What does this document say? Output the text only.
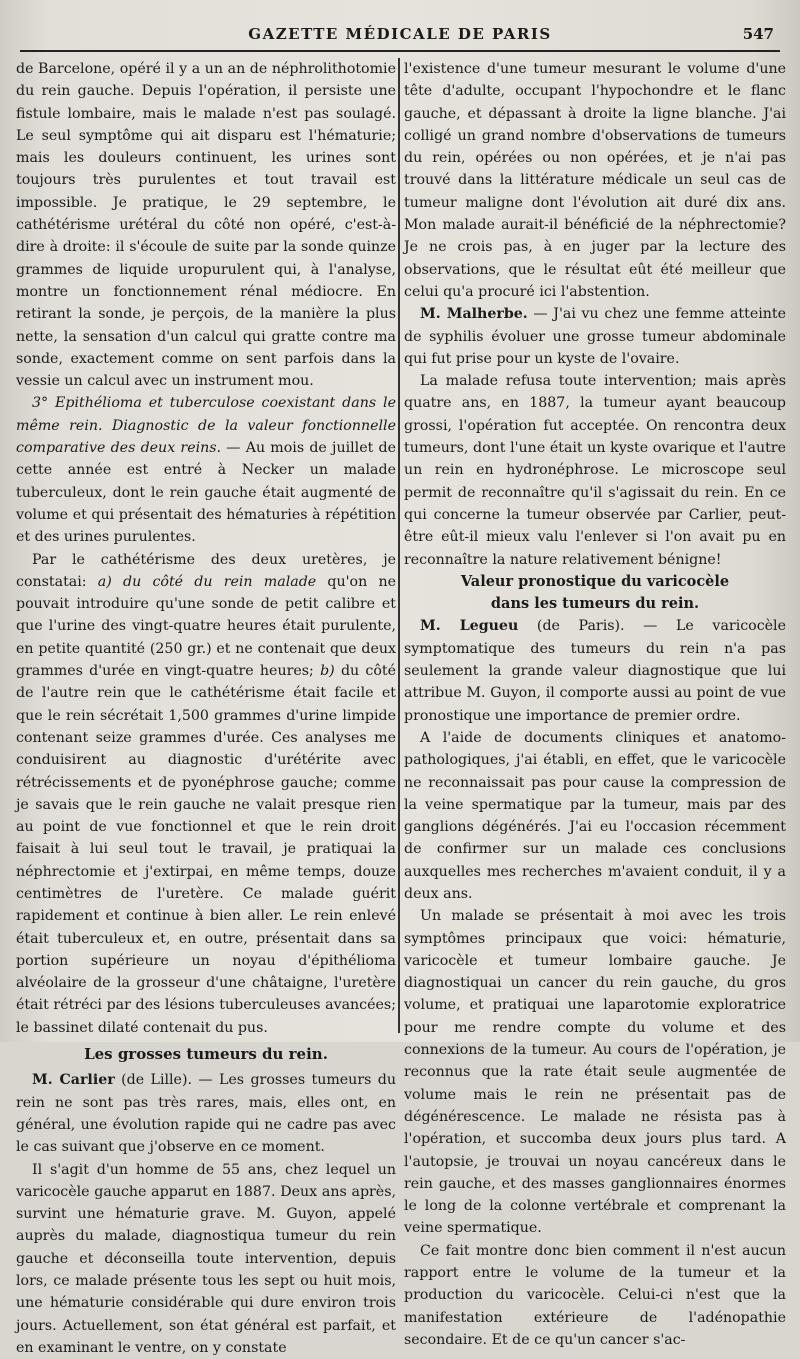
GAZETTE MÉDICALE DE PARIS	547

de Barcelone, opéré il y a un an de néphrolithotomie du rein gauche. Depuis l'opération, il persiste une fistule lombaire, mais le malade n'est pas soulagé. Le seul symptôme qui ait disparu est l'hématurie; mais les douleurs continuent, les urines sont toujours très purulentes et tout travail est impossible. Je pratique, le 29 septembre, le cathétérisme urétéral du côté non opéré, c'est-à-dire à droite: il s'écoule de suite par la sonde quinze grammes de liquide uropurulent qui, à l'analyse, montre un fonctionnement rénal médiocre. En retirant la sonde, je perçois, de la manière la plus nette, la sensation d'un calcul qui gratte contre ma sonde, exactement comme on sent parfois dans la vessie un calcul avec un instrument mou.

3° Epithélioma et tuberculose coexistant dans le même rein. Diagnostic de la valeur fonctionnelle comparative des deux reins. — Au mois de juillet de cette année est entré à Necker un malade tuberculeux, dont le rein gauche était augmenté de volume et qui présentait des hématuries à répétition et des urines purulentes.

Par le cathétérisme des deux uretères, je constatai: a) du côté du rein malade qu'on ne pouvait introduire qu'une sonde de petit calibre et que l'urine des vingt-quatre heures était purulente, en petite quantité (250 gr.) et ne contenait que deux grammes d'urée en vingt-quatre heures; b) du côté de l'autre rein que le cathétérisme était facile et que le rein sécrétait 1,500 grammes d'urine limpide contenant seize grammes d'urée. Ces analyses me conduisirent au diagnostic d'urétérite avec rétrécissements et de pyonéphrose gauche; comme je savais que le rein gauche ne valait presque rien au point de vue fonctionnel et que le rein droit faisait à lui seul tout le travail, je pratiquai la néphrectomie et j'extirpai, en même temps, douze centimètres de l'uretère. Ce malade guérit rapidement et continue à bien aller. Le rein enlevé était tuberculeux et, en outre, présentait dans sa portion supérieure un noyau d'épithélioma alvéolaire de la grosseur d'une châtaigne, l'uretère était rétréci par des lésions tuberculeuses avancées; le bassinet dilaté contenait du pus.

Les grosses tumeurs du rein.

M. Carlier (de Lille). — Les grosses tumeurs du rein ne sont pas très rares, mais, elles ont, en général, une évolution rapide qui ne cadre pas avec le cas suivant que j'observe en ce moment.

Il s'agit d'un homme de 55 ans, chez lequel un varicocèle gauche apparut en 1887. Deux ans après, survint une hématurie grave. M. Guyon, appelé auprès du malade, diagnostiqua tumeur du rein gauche et déconseilla toute intervention, depuis lors, ce malade présente tous les sept ou huit mois, une hématurie considérable qui dure environ trois jours. Actuellement, son état général est parfait, et en examinant le ventre, on y constate

l'existence d'une tumeur mesurant le volume d'une tête d'adulte, occupant l'hypochondre et le flanc gauche, et dépassant à droite la ligne blanche. J'ai colligé un grand nombre d'observations de tumeurs du rein, opérées ou non opérées, et je n'ai pas trouvé dans la littérature médicale un seul cas de tumeur maligne dont l'évolution ait duré dix ans. Mon malade aurait-il bénéficié de la néphrectomie? Je ne crois pas, à en juger par la lecture des observations, que le résultat eût été meilleur que celui qu'a procuré ici l'abstention.

M. Malherbe. — J'ai vu chez une femme atteinte de syphilis évoluer une grosse tumeur abdominale qui fut prise pour un kyste de l'ovaire.

La malade refusa toute intervention; mais après quatre ans, en 1887, la tumeur ayant beaucoup grossi, l'opération fut acceptée. On rencontra deux tumeurs, dont l'une était un kyste ovarique et l'autre un rein en hydronéphrose. Le microscope seul permit de reconnaître qu'il s'agissait du rein. En ce qui concerne la tumeur observée par Carlier, peut-être eût-il mieux valu l'enlever si l'on avait pu en reconnaître la nature relativement bénigne!

Valeur pronostique du varicocèle

dans les tumeurs du rein.

M. Legueu (de Paris). — Le varicocèle symptomatique des tumeurs du rein n'a pas seulement la grande valeur diagnostique que lui attribue M. Guyon, il comporte aussi au point de vue pronostique une importance de premier ordre.

A l'aide de documents cliniques et anatomo-pathologiques, j'ai établi, en effet, que le varicocèle ne reconnaissait pas pour cause la compression de la veine spermatique par la tumeur, mais par des ganglions dégénérés. J'ai eu l'occasion récemment de confirmer sur un malade ces conclusions auxquelles mes recherches m'avaient conduit, il y a deux ans.

Un malade se présentait à moi avec les trois symptômes principaux que voici: hématurie, varicocèle et tumeur lombaire gauche. Je diagnostiquai un cancer du rein gauche, du gros volume, et pratiquai une laparotomie exploratrice pour me rendre compte du volume et des connexions de la tumeur. Au cours de l'opération, je reconnus que la rate était seule augmentée de volume mais le rein ne présentait pas de dégénérescence. Le malade ne résista pas à l'opération, et succomba deux jours plus tard. A l'autopsie, je trouvai un noyau cancéreux dans le rein gauche, et des masses ganglionnaires énormes le long de la colonne vertébrale et comprenant la veine spermatique.

Ce fait montre donc bien comment il n'est aucun rapport entre le volume de la tumeur et la production du varicocèle. Celui-ci n'est que la manifestation extérieure de l'adénopathie secondaire. Et de ce qu'un cancer s'ac-
